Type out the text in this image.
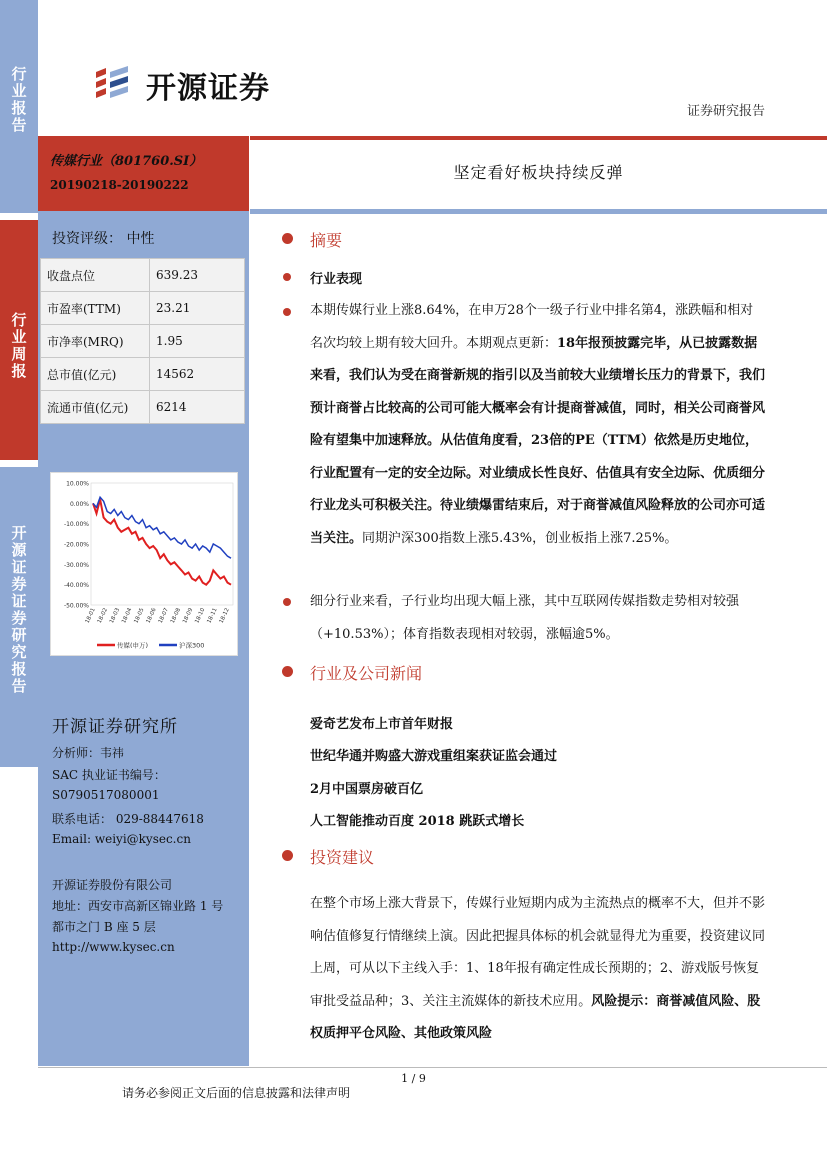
行业报告
行业周报
开源证券证券研究报告
开源证券
证券研究报告
传媒行业（801760.SI）
20190218-20190222
坚定看好板块持续反弹
投资评级： 中性
收盘点位	639.23
市盈率(TTM)	23.21
市净率(MRQ)	1.95
总市值(亿元)	14562
流通市值(亿元)	6214
10.00%
0.00%
-10.00%
-20.00%
-30.00%
-40.00%
-50.00%
18-01 18-02 18-03 18-04 18-05 18-06 18-07 18-08 18-09 18-10 18-11 18-12
传媒(申万)	沪深300
开源证券研究所
分析师：韦祎
SAC 执业证书编号：
S0790517080001
联系电话： 029-88447618
Email: weiyi@kysec.cn
开源证券股份有限公司
地址：西安市高新区锦业路 1 号
都市之门 B 座 5 层
http://www.kysec.cn
摘要
行业表现
本期传媒行业上涨8.64%，在申万28个一级子行业中排名第4，涨跌幅和相对名次均较上期有较大回升。本期观点更新：18年报预披露完毕，从已披露数据来看，我们认为受在商誉新规的指引以及当前较大业绩增长压力的背景下，我们预计商誉占比较高的公司可能大概率会有计提商誉减值，同时，相关公司商誉风险有望集中加速释放。从估值角度看，23倍的PE（TTM）依然是历史地位，行业配置有一定的安全边际。对业绩成长性良好、估值具有安全边际、优质细分行业龙头可积极关注。待业绩爆雷结束后，对于商誉减值风险释放的公司亦可适当关注。同期沪深300指数上涨5.43%，创业板指上涨7.25%。
细分行业来看，子行业均出现大幅上涨，其中互联网传媒指数走势相对较强（+10.53%）；体育指数表现相对较弱，涨幅逾5%。
行业及公司新闻
爱奇艺发布上市首年财报
世纪华通并购盛大游戏重组案获证监会通过
2月中国票房破百亿
人工智能推动百度 2018 跳跃式增长
投资建议
在整个市场上涨大背景下，传媒行业短期内成为主流热点的概率不大，但并不影响估值修复行情继续上演。因此把握具体标的机会就显得尤为重要，投资建议同上周，可从以下主线入手：1、18年报有确定性成长预期的；2、游戏版号恢复审批受益品种；3、关注主流媒体的新技术应用。风险提示：商誉减值风险、股权质押平仓风险、其他政策风险
1 / 9
请务必参阅正文后面的信息披露和法律声明
